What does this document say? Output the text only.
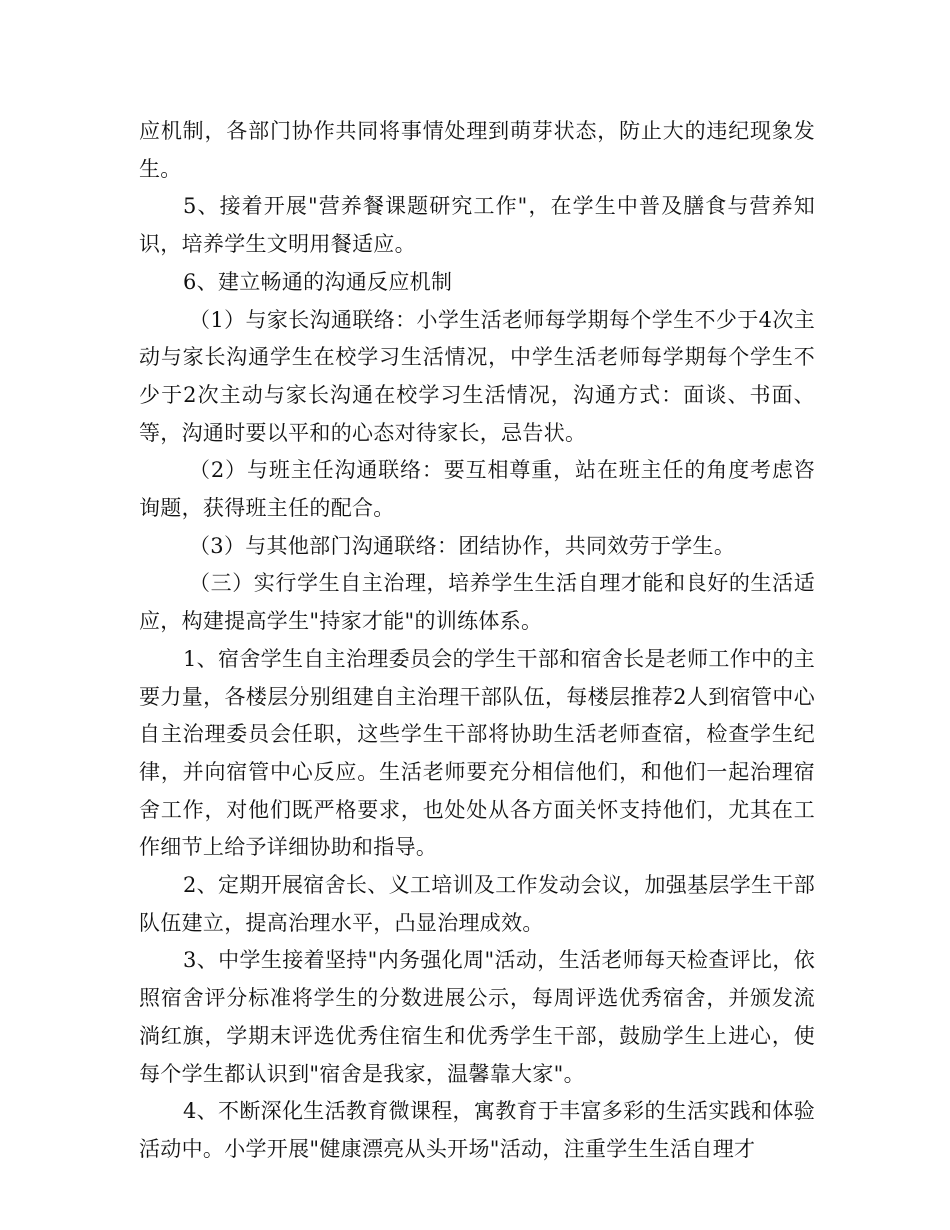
应机制，各部门协作共同将事情处理到萌芽状态，防止大的违纪现象发生。

5、接着开展"营养餐课题研究工作"，在学生中普及膳食与营养知识，培养学生文明用餐适应。

6、建立畅通的沟通反应机制

（1）与家长沟通联络：小学生活老师每学期每个学生不少于4次主动与家长沟通学生在校学习生活情况，中学生活老师每学期每个学生不少于2次主动与家长沟通在校学习生活情况，沟通方式：面谈、书面、等，沟通时要以平和的心态对待家长，忌告状。

（2）与班主任沟通联络：要互相尊重，站在班主任的角度考虑咨询题，获得班主任的配合。

（3）与其他部门沟通联络：团结协作，共同效劳于学生。

（三）实行学生自主治理，培养学生生活自理才能和良好的生活适应，构建提高学生"持家才能"的训练体系。

1、宿舍学生自主治理委员会的学生干部和宿舍长是老师工作中的主要力量，各楼层分别组建自主治理干部队伍，每楼层推荐2人到宿管中心自主治理委员会任职，这些学生干部将协助生活老师查宿，检查学生纪律，并向宿管中心反应。生活老师要充分相信他们，和他们一起治理宿舍工作，对他们既严格要求，也处处从各方面关怀支持他们，尤其在工作细节上给予详细协助和指导。

2、定期开展宿舍长、义工培训及工作发动会议，加强基层学生干部队伍建立，提高治理水平，凸显治理成效。

3、中学生接着坚持"内务强化周"活动，生活老师每天检查评比，依照宿舍评分标准将学生的分数进展公示，每周评选优秀宿舍，并颁发流淌红旗，学期末评选优秀住宿生和优秀学生干部，鼓励学生上进心，使每个学生都认识到"宿舍是我家，温馨靠大家"。

4、不断深化生活教育微课程，寓教育于丰富多彩的生活实践和体验活动中。小学开展"健康漂亮从头开场"活动，注重学生生活自理才
